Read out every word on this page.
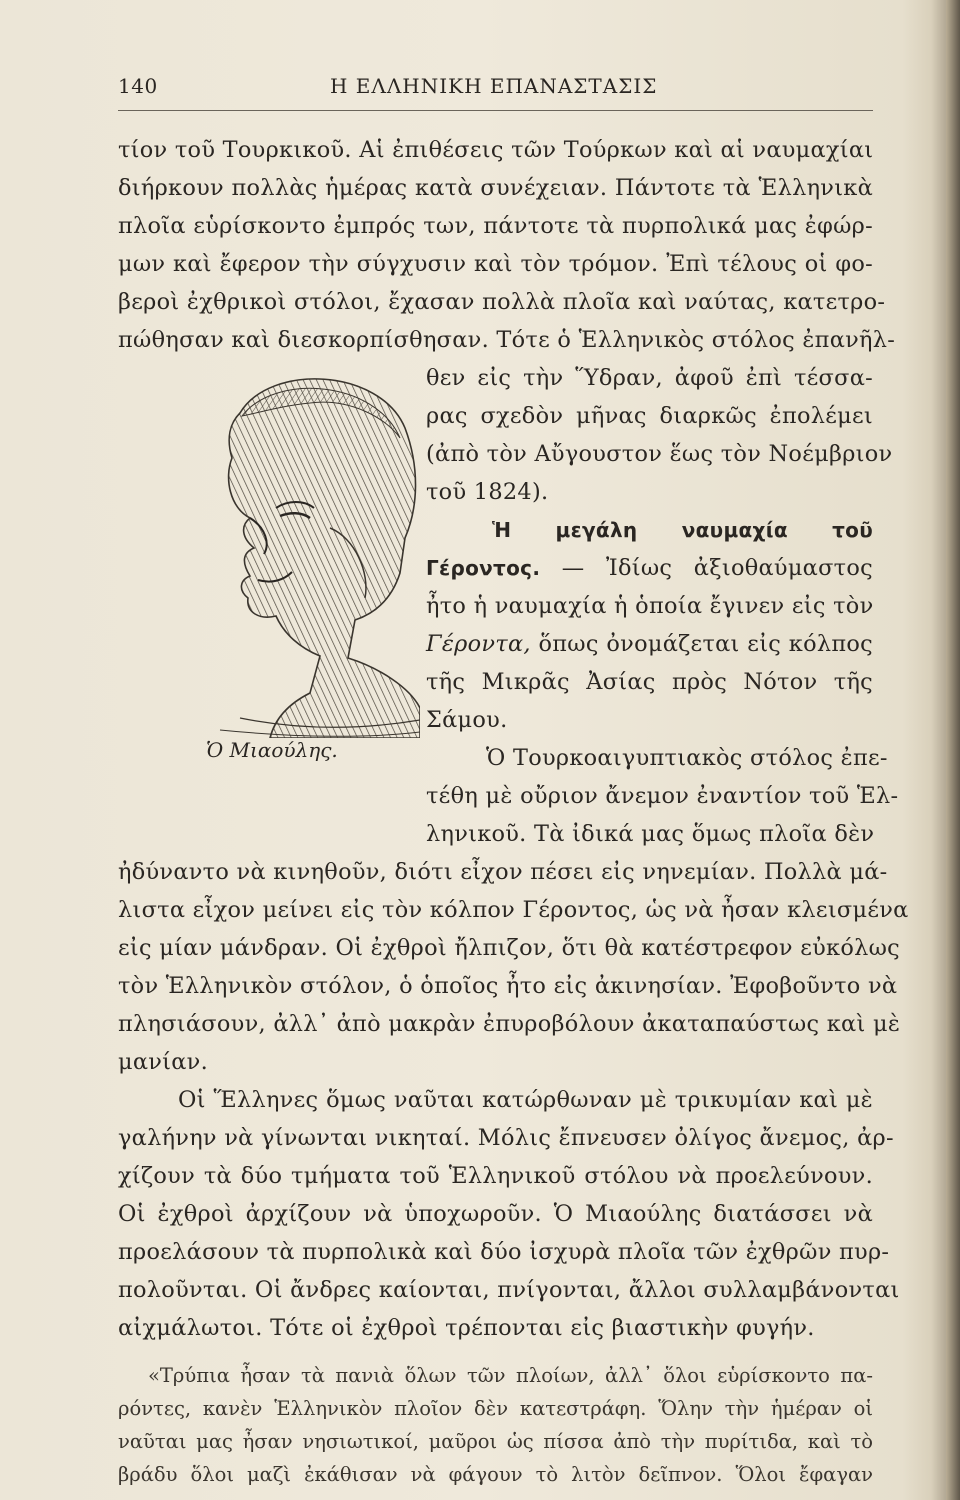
140	Η ΕΛΛΗΝΙΚΗ ΕΠΑΝΑΣΤΑΣΙΣ
τίον τοῦ Τουρκικοῦ. Αἱ ἐπιθέσεις τῶν Τούρκων καὶ αἱ ναυμαχίαι
διήρκουν πολλὰς ἡμέρας κατὰ συνέχειαν. Πάντοτε τὰ Ἑλληνικὰ
πλοῖα εὑρίσκοντο ἐμπρός των, πάντοτε τὰ πυρπολικά μας ἐφώρ-
μων καὶ ἔφερον τὴν σύγχυσιν καὶ τὸν τρόμον. Ἐπὶ τέλους οἱ φο-
βεροὶ ἐχθρικοὶ στόλοι, ἔχασαν πολλὰ πλοῖα καὶ ναύτας, κατετρο-
πώθησαν καὶ διεσκορπίσθησαν. Τότε ὁ Ἑλληνικὸς στόλος ἐπανῆλ-
Ὁ Μιαούλης.
θεν εἰς τὴν Ὕδραν, ἀφοῦ ἐπὶ τέσσα-
ρας σχεδὸν μῆνας διαρκῶς ἐπολέμει
(ἀπὸ τὸν Αὔγουστον ἕως τὸν Νοέμβριον
τοῦ 1824).
Ἡ μεγάλη ναυμαχία τοῦ
Γέροντος. — Ἰδίως ἀξιοθαύμαστος
ἦτο ἡ ναυμαχία ἡ ὁποία ἔγινεν εἰς τὸν
Γέροντα, ὅπως ὀνομάζεται εἰς κόλπος
τῆς Μικρᾶς Ἀσίας πρὸς Νότον τῆς
Σάμου.
Ὁ Τουρκοαιγυπτιακὸς στόλος ἐπε-
τέθη μὲ οὔριον ἄνεμον ἐναντίον τοῦ Ἑλ-
ληνικοῦ. Τὰ ἰδικά μας ὅμως πλοῖα δὲν
ἠδύναντο νὰ κινηθοῦν, διότι εἶχον πέσει εἰς νηνεμίαν. Πολλὰ μά-
λιστα εἶχον μείνει εἰς τὸν κόλπον Γέροντος, ὡς νὰ ἦσαν κλεισμένα
εἰς μίαν μάνδραν. Οἱ ἐχθροὶ ἤλπιζον, ὅτι θὰ κατέστρεφον εὐκόλως
τὸν Ἑλληνικὸν στόλον, ὁ ὁποῖος ἦτο εἰς ἀκινησίαν. Ἐφοβοῦντο νὰ
πλησιάσουν, ἀλλ᾽ ἀπὸ μακρὰν ἐπυροβόλουν ἀκαταπαύστως καὶ μὲ
μανίαν.
Οἱ Ἕλληνες ὅμως ναῦται κατώρθωναν μὲ τρικυμίαν καὶ μὲ
γαλήνην νὰ γίνωνται νικηταί. Μόλις ἔπνευσεν ὀλίγος ἄνεμος, ἀρ-
χίζουν τὰ δύο τμήματα τοῦ Ἑλληνικοῦ στόλου νὰ προελεύνουν.
Οἱ ἐχθροὶ ἀρχίζουν νὰ ὑποχωροῦν. Ὁ Μιαούλης διατάσσει νὰ
προελάσουν τὰ πυρπολικὰ καὶ δύο ἰσχυρὰ πλοῖα τῶν ἐχθρῶν πυρ-
πολοῦνται. Οἱ ἄνδρες καίονται, πνίγονται, ἄλλοι συλλαμβάνονται
αἰχμάλωτοι. Τότε οἱ ἐχθροὶ τρέπονται εἰς βιαστικὴν φυγήν.
«Τρύπια ἦσαν τὰ πανιὰ ὅλων τῶν πλοίων, ἀλλ᾽ ὅλοι εὑρίσκοντο πα-
ρόντες, κανὲν Ἑλληνικὸν πλοῖον δὲν κατεστράφη. Ὅλην τὴν ἡμέραν οἱ
ναῦται μας ἦσαν νησιωτικοί, μαῦροι ὡς πίσσα ἀπὸ τὴν πυρίτιδα, καὶ τὸ
βράδυ ὅλοι μαζὶ ἐκάθισαν νὰ φάγουν τὸ λιτὸν δεῖπνον. Ὅλοι ἔφαγαν
